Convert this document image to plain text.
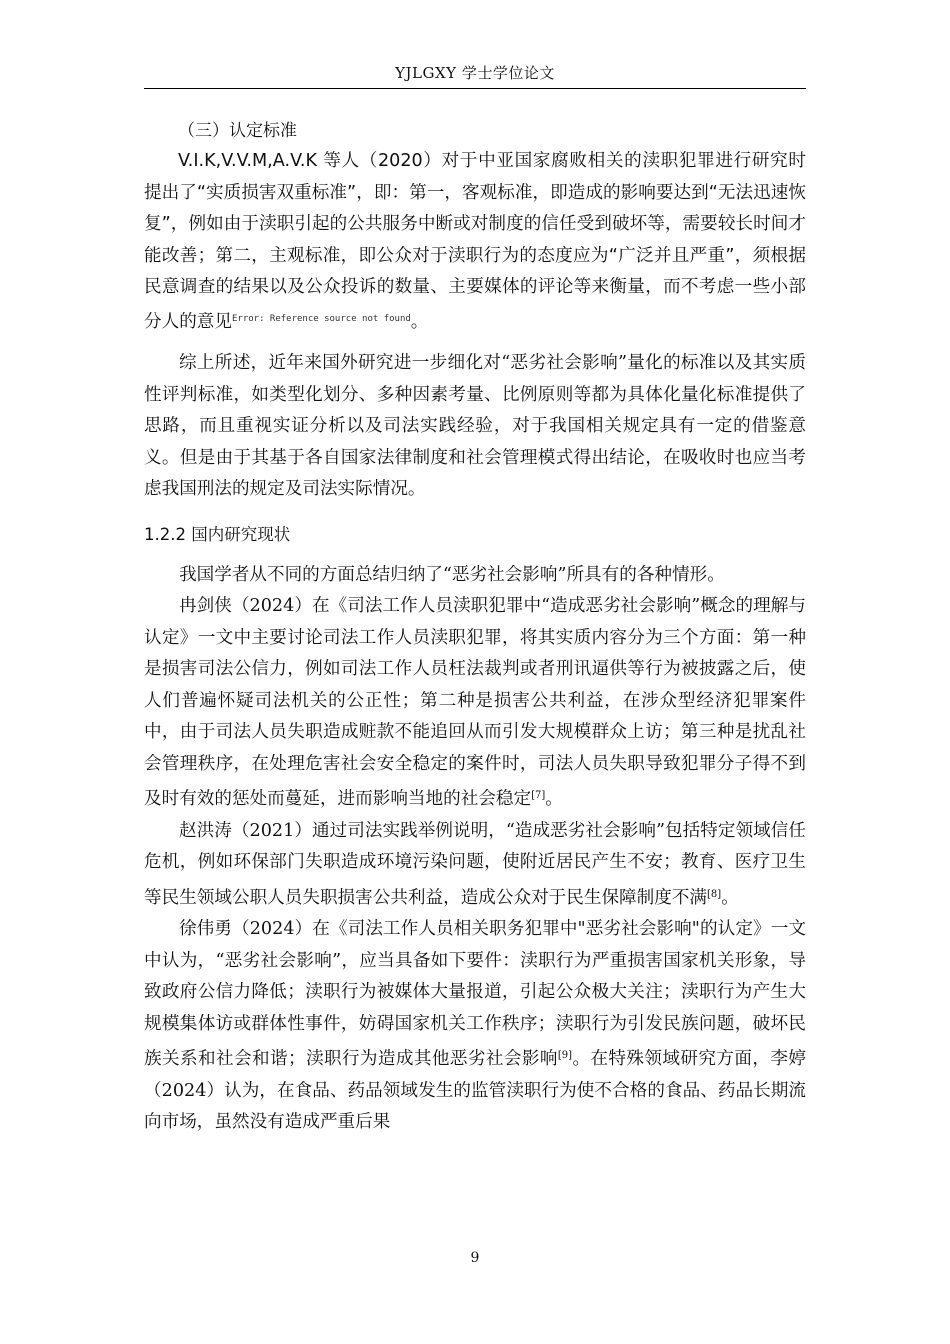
YJLGXY 学士学位论文

（三）认定标准

V.I.K,V.V.M,A.V.K 等人（2020）对于中亚国家腐败相关的渎职犯罪进行研究时提出了“实质损害双重标准”，即：第一，客观标准，即造成的影响要达到“无法迅速恢复”，例如由于渎职引起的公共服务中断或对制度的信任受到破坏等，需要较长时间才能改善；第二，主观标准，即公众对于渎职行为的态度应为“广泛并且严重”，须根据民意调查的结果以及公众投诉的数量、主要媒体的评论等来衡量，而不考虑一些小部分人的意见$^{Error: Reference source not found}$。

综上所述，近年来国外研究进一步细化对“恶劣社会影响”量化的标准以及其实质性评判标准，如类型化划分、多种因素考量、比例原则等都为具体化量化标准提供了思路，而且重视实证分析以及司法实践经验，对于我国相关规定具有一定的借鉴意义。但是由于其基于各自国家法律制度和社会管理模式得出结论，在吸收时也应当考虑我国刑法的规定及司法实际情况。

1.2.2 国内研究现状

我国学者从不同的方面总结归纳了“恶劣社会影响”所具有的各种情形。

冉剑侠（2024）在《司法工作人员渎职犯罪中“造成恶劣社会影响”概念的理解与认定》一文中主要讨论司法工作人员渎职犯罪，将其实质内容分为三个方面：第一种是损害司法公信力，例如司法工作人员枉法裁判或者刑讯逼供等行为被披露之后，使人们普遍怀疑司法机关的公正性；第二种是损害公共利益，在涉众型经济犯罪案件中，由于司法人员失职造成赃款不能追回从而引发大规模群众上访；第三种是扰乱社会管理秩序，在处理危害社会安全稳定的案件时，司法人员失职导致犯罪分子得不到及时有效的惩处而蔓延，进而影响当地的社会稳定[7]。

赵洪涛（2021）通过司法实践举例说明，“造成恶劣社会影响”包括特定领域信任危机，例如环保部门失职造成环境污染问题，使附近居民产生不安；教育、医疗卫生等民生领域公职人员失职损害公共利益，造成公众对于民生保障制度不满[8]。

徐伟勇（2024）在《司法工作人员相关职务犯罪中"恶劣社会影响"的认定》一文中认为，“恶劣社会影响”，应当具备如下要件：渎职行为严重损害国家机关形象，导致政府公信力降低；渎职行为被媒体大量报道，引起公众极大关注；渎职行为产生大规模集体访或群体性事件，妨碍国家机关工作秩序；渎职行为引发民族问题，破坏民族关系和社会和谐；渎职行为造成其他恶劣社会影响[9]。在特殊领域研究方面，李婷（2024）认为，在食品、药品领域发生的监管渎职行为使不合格的食品、药品长期流向市场，虽然没有造成严重后果

9
